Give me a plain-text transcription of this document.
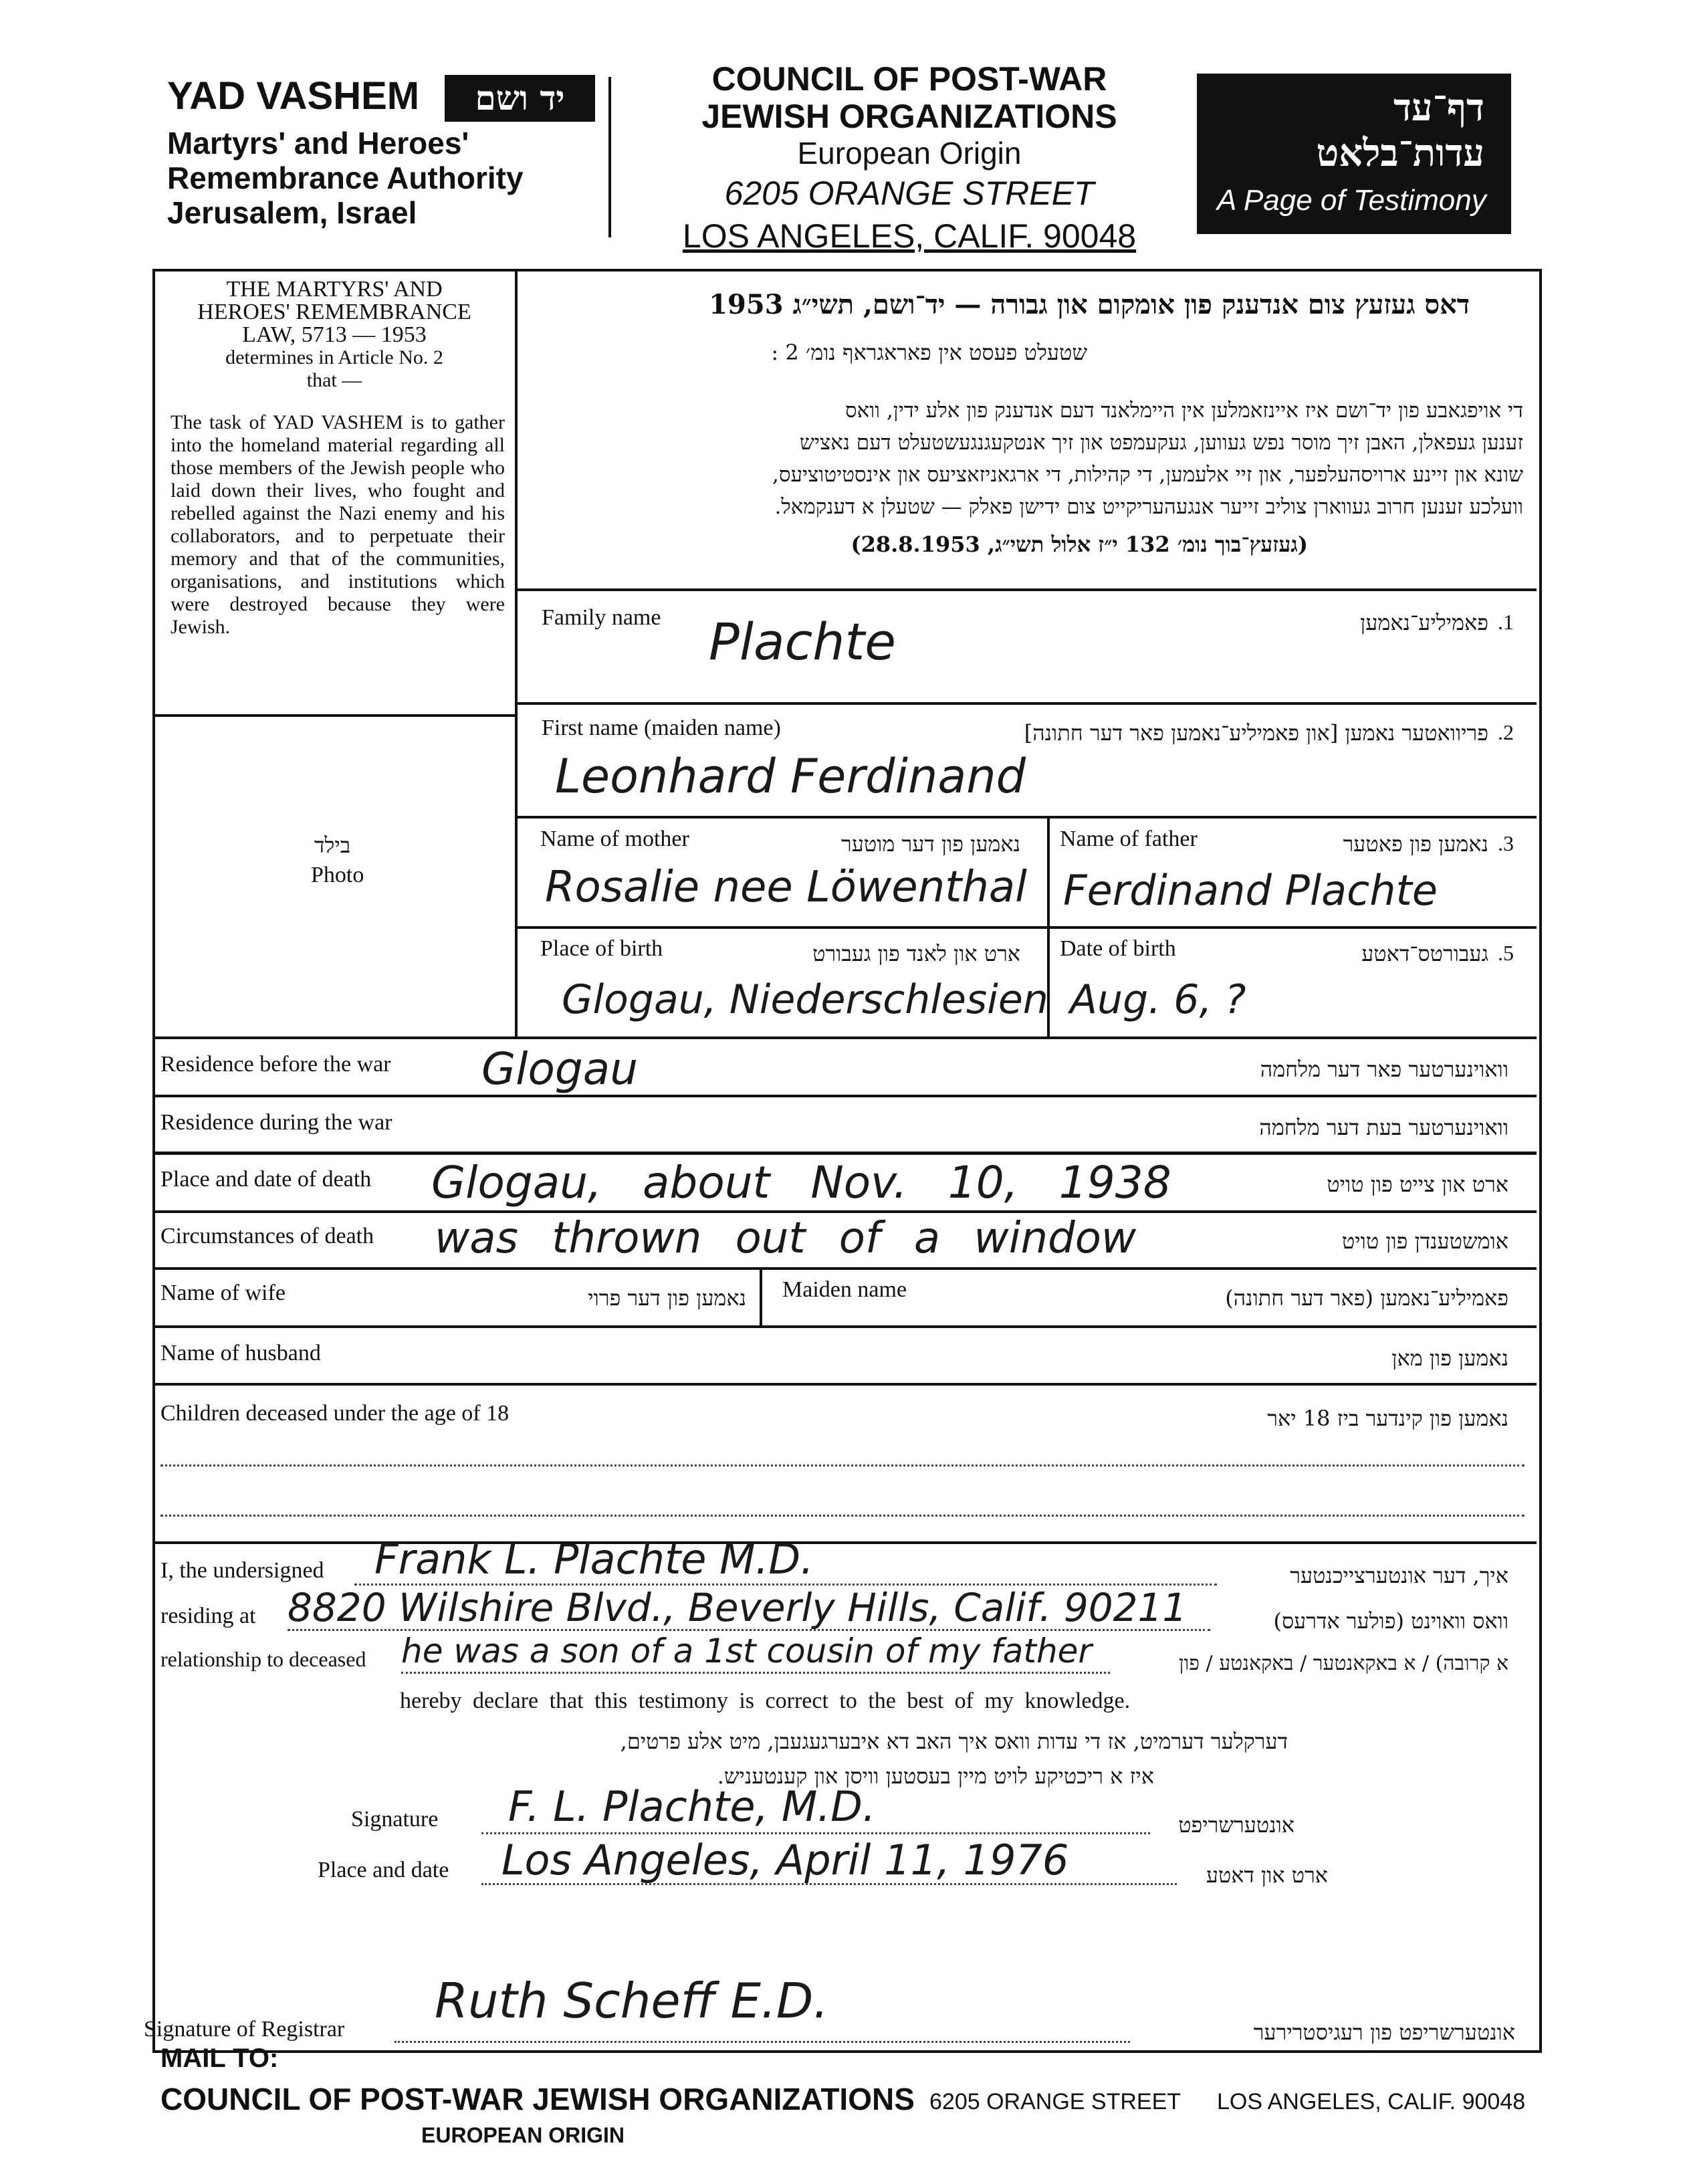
YAD VASHEM	יד ושם
Martyrs' and Heroes'
Remembrance Authority
Jerusalem, Israel
COUNCIL OF POST-WAR
JEWISH ORGANIZATIONS
European Origin
6205 ORANGE STREET
LOS ANGELES, CALIF. 90048
דף־עד
עדות־בלאט
A Page of Testimony
THE MARTYRS' AND
HEROES' REMEMBRANCE
LAW, 5713 — 1953
determines in Article No. 2
that —
The task of YAD VASHEM is to gather into the homeland material regarding all those members of the Jewish people who laid down their lives, who fought and rebelled against the Nazi enemy and his collaborators, and to perpetuate their memory and that of the communities, organisations, and institutions which were destroyed because they were Jewish.
בילד
Photo
דאס געזעץ צום אנדענק פון אומקום און גבורה — יד־ושם, תשי״ג 1953
שטעלט פעסט אין פאראגראף נומ׳ 2 :
די אויפגאבע פון יד־ושם איז איינזאמלען אין היימלאנד דעם אנדענק פון אלע ידין, וואס
זענען געפאלן, האבן זיך מוסר נפש געווען, געקעמפט און זיך אנטקעגנגעשטעלט דעם נאציש
שונא און זיינע ארויסהעלפער, און זיי אלעמען, די קהילות, די ארגאניזאציעס און אינסטיטוציעס,
וועלכע זענען חרוב געווארן צוליב זייער אנגעהעריקייט צום ידישן פאלק — שטעלן א דענקמאל.
(געזעץ־בוך נומ׳ 132 י״ז אלול תשי״ג, 28.8.1953)
Family name	פאמיליע־נאמען .1
Plachte
First name (maiden name)	פריוואטער נאמען [און פאמיליע־נאמען פאר דער חתונה] .2
Leonhard Ferdinand
Name of mother	נאמען פון דער מוטער
Rosalie nee Löwenthal
Name of father	נאמען פון פאטער .3
Ferdinand Plachte
Place of birth	ארט און לאנד פון געבורט
Glogau, Niederschlesien
Date of birth	געבורטס־דאטע .5
Aug. 6, ?
Residence before the war	וואוינערטער פאר דער מלחמה
Glogau
Residence during the war	וואוינערטער בעת דער מלחמה
Place and date of death	ארט און צייט פון טויט
Glogau, about Nov. 10, 1938
Circumstances of death	אומשטענדן פון טויט
was thrown out of a window
Name of wife	נאמען פון דער פרוי Maiden name	פאמיליע־נאמען (פאר דער חתונה)
Name of husband	נאמען פון מאן
Children deceased under the age of 18	נאמען פון קינדער ביז 18 יאר
I, the undersigned Frank L. Plachte M.D.	איך, דער אונטערצייכנטער
residing at 8820 Wilshire Blvd., Beverly Hills, Calif. 90211	וואס וואוינט (פולער אדרעס)
relationship to deceased he was a son of a 1st cousin of my father	א קרובה) / א באקאנטער / באקאנטע / פון
hereby declare that this testimony is correct to the best of my knowledge.
דערקלער דערמיט, אז די עדות וואס איך האב דא איבערגעגעבן, מיט אלע פרטים,
איז א ריכטיקע לויט מיין בעסטען וויסן און קענטעניש.
Signature F. L. Plachte, M.D.	אונטערשריפט
Place and date Los Angeles, April 11, 1976	ארט און דאטע
Signature of Registrar
Ruth Scheff E.D.
אונטערשריפט פון רעגיסטרירער
MAIL TO:
COUNCIL OF POST-WAR JEWISH ORGANIZATIONS
EUROPEAN ORIGIN
6205 ORANGE STREET LOS ANGELES, CALIF. 90048
